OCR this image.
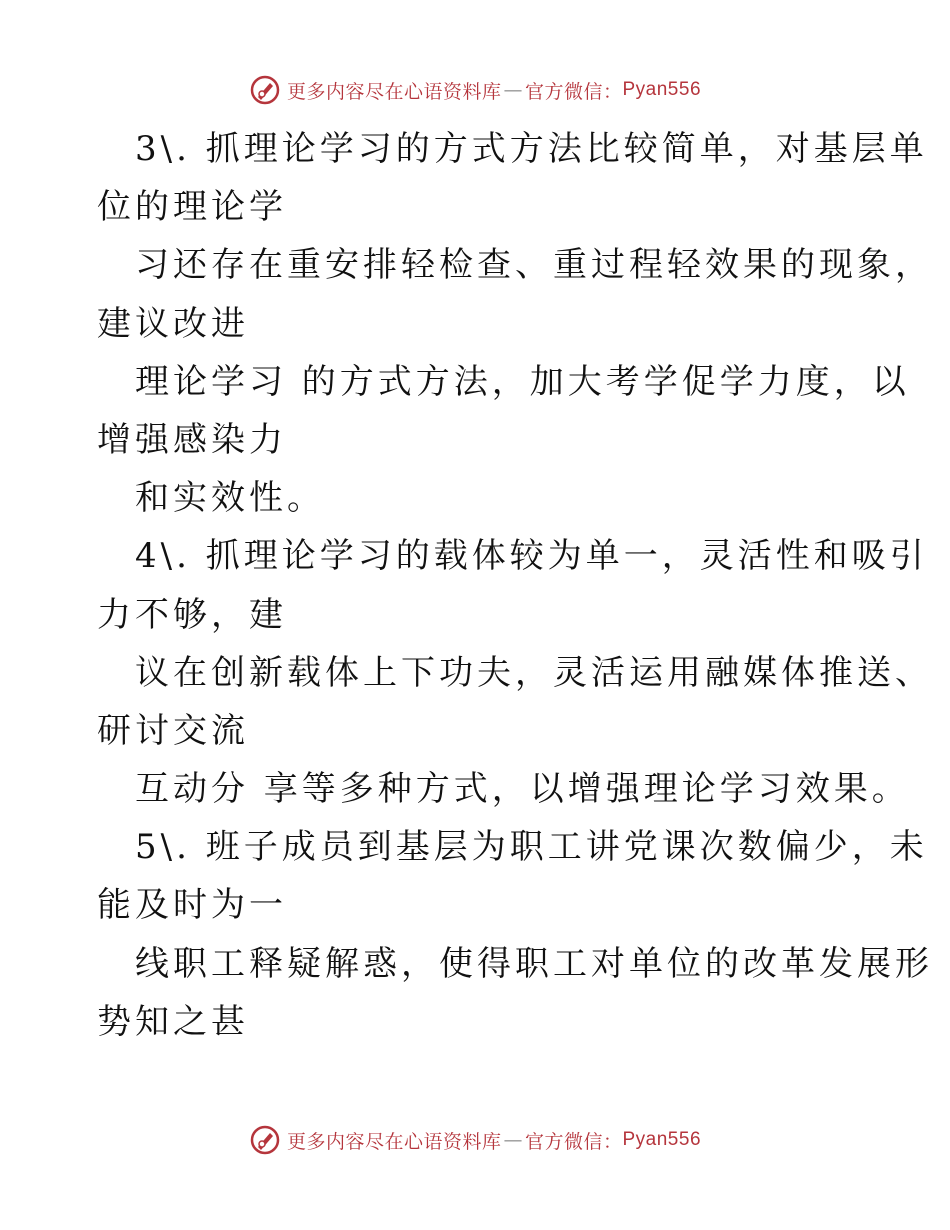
更多内容尽在心语资料库 — 官方微信： Pyan556
3\. 抓理论学习的方式方法比较简单，对基层单
位的理论学
习还存在重安排轻检查、重过程轻效果的现象，
建议改进
理论学习 的方式方法，加大考学促学力度，以
增强感染力
和实效性。
4\. 抓理论学习的载体较为单一，灵活性和吸引
力不够，建
议在创新载体上下功夫，灵活运用融媒体推送、
研讨交流
互动分 享等多种方式，以增强理论学习效果。
5\. 班子成员到基层为职工讲党课次数偏少，未
能及时为一
线职工释疑解惑，使得职工对单位的改革发展形
势知之甚
更多内容尽在心语资料库 — 官方微信： Pyan556
